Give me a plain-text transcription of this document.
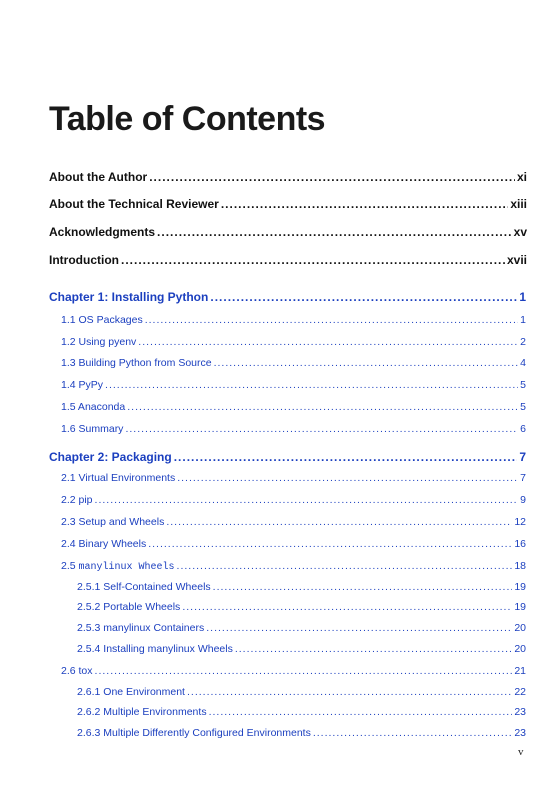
Table of Contents
About the Author .....	xi
About the Technical Reviewer .....	xiii
Acknowledgments .....	xv
Introduction .....	xvii
Chapter 1: Installing Python .....	1
1.1 OS Packages .....	1
1.2 Using pyenv .....	2
1.3 Building Python from Source .....	4
1.4 PyPy .....	5
1.5 Anaconda .....	5
1.6 Summary .....	6
Chapter 2: Packaging .....	7
2.1 Virtual Environments .....	7
2.2 pip .....	9
2.3 Setup and Wheels .....	12
2.4 Binary Wheels .....	16
2.5 manylinux Wheels .....	18
2.5.1 Self-Contained Wheels .....	19
2.5.2 Portable Wheels .....	19
2.5.3 manylinux Containers .....	20
2.5.4 Installing manylinux Wheels .....	20
2.6 tox .....	21
2.6.1 One Environment .....	22
2.6.2 Multiple Environments .....	23
2.6.3 Multiple Differently Configured Environments .....	23
v
